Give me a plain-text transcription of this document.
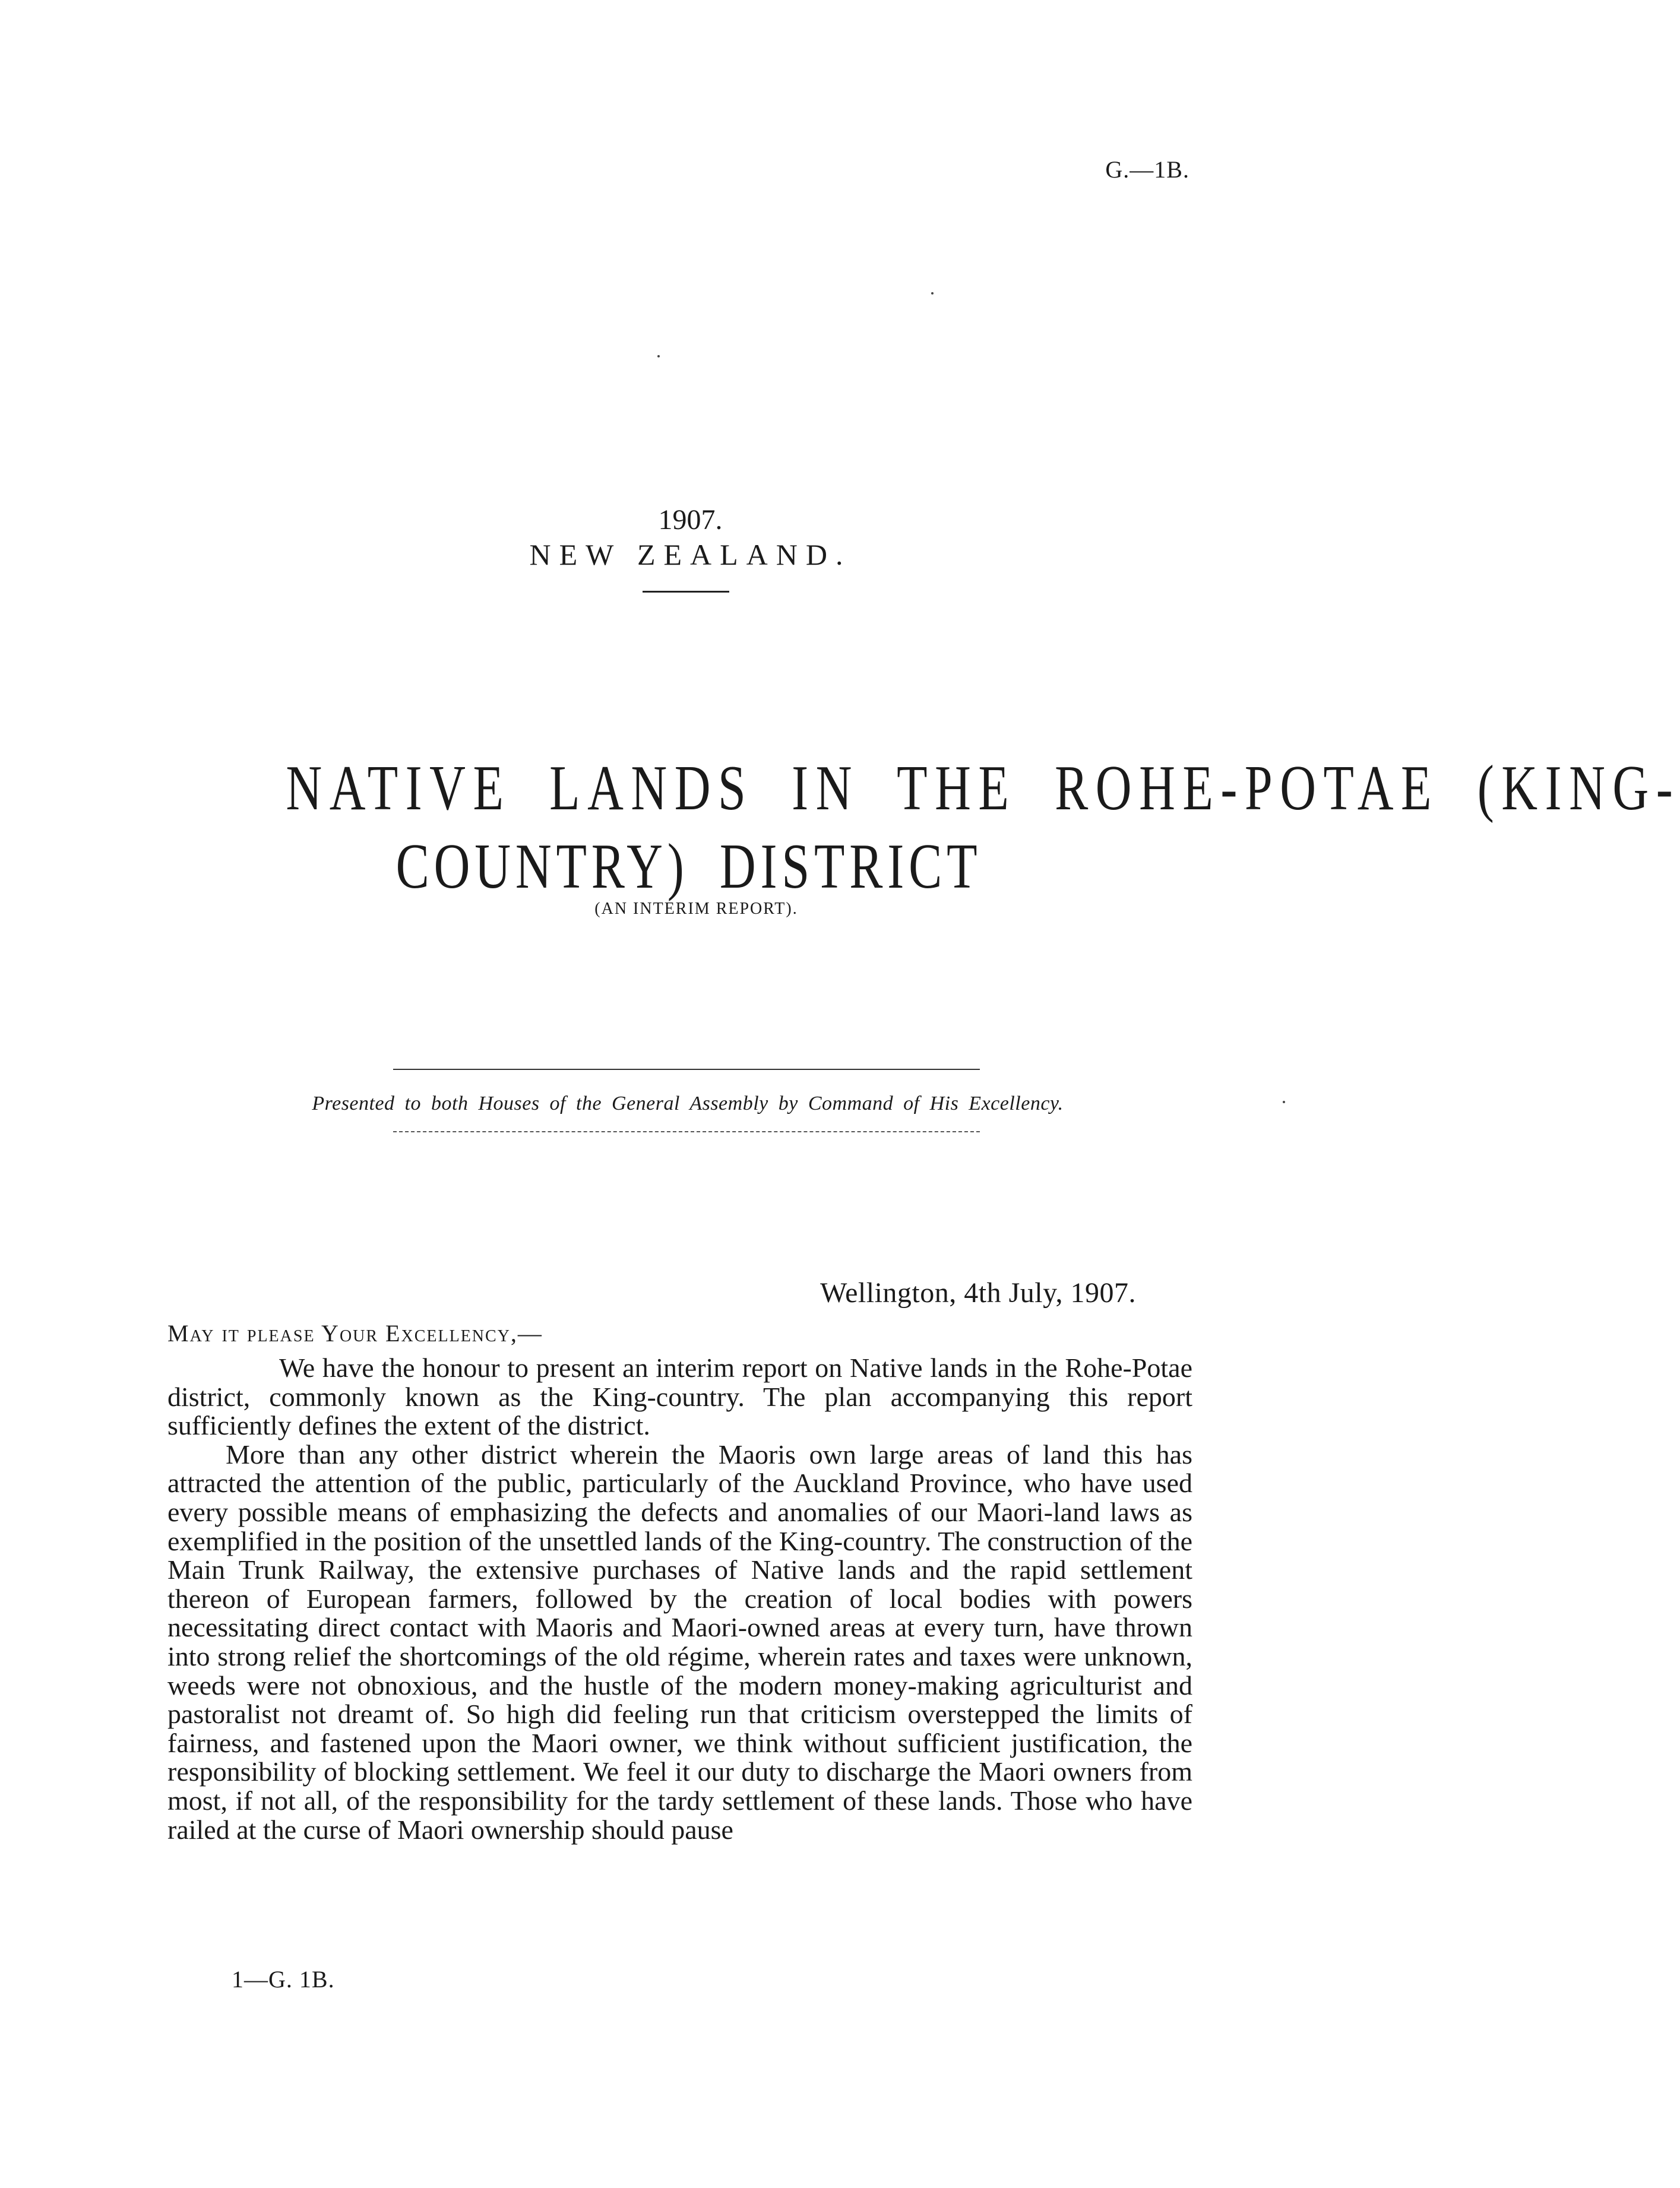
G.—1B.
1907.
NEW ZEALAND.
NATIVE LANDS IN THE ROHE-POTAE (KING-
COUNTRY) DISTRICT
(AN INTERIM REPORT).
Presented to both Houses of the General Assembly by Command of His Excellency.
Wellington, 4th July, 1907.
May it please Your Excellency,—

We have the honour to present an interim report on Native lands in the Rohe-Potae district, commonly known as the King-country. The plan accompanying this report sufficiently defines the extent of the district.

More than any other district wherein the Maoris own large areas of land this has attracted the attention of the public, particularly of the Auckland Province, who have used every possible means of emphasizing the defects and anomalies of our Maori-land laws as exemplified in the position of the unsettled lands of the King-country. The construction of the Main Trunk Railway, the extensive purchases of Native lands and the rapid settlement thereon of European farmers, followed by the creation of local bodies with powers necessitating direct contact with Maoris and Maori-owned areas at every turn, have thrown into strong relief the shortcomings of the old régime, wherein rates and taxes were unknown, weeds were not obnoxious, and the hustle of the modern money-making agriculturist and pastoralist not dreamt of. So high did feeling run that criticism overstepped the limits of fairness, and fastened upon the Maori owner, we think without sufficient justification, the responsibility of blocking settlement. We feel it our duty to discharge the Maori owners from most, if not all, of the responsibility for the tardy settlement of these lands. Those who have railed at the curse of Maori ownership should pause

1—G. 1B.
